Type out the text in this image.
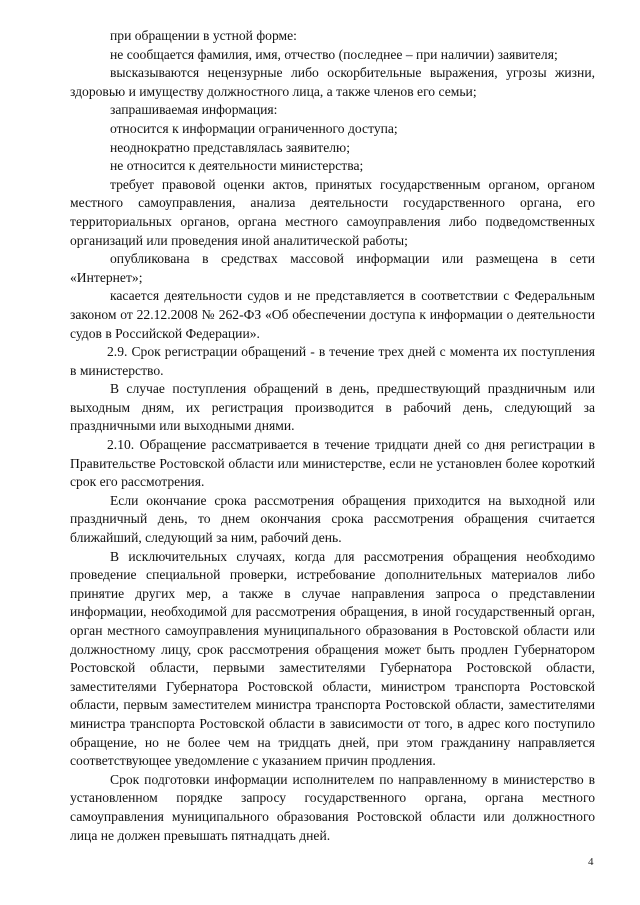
при обращении в устной форме:

не сообщается фамилия, имя, отчество (последнее – при наличии) заявителя;

высказываются нецензурные либо оскорбительные выражения, угрозы жизни, здоровью и имуществу должностного лица, а также членов его семьи;

запрашиваемая информация:

относится к информации ограниченного доступа;

неоднократно представлялась заявителю;

не относится к деятельности министерства;

требует правовой оценки актов, принятых государственным органом, органом местного самоуправления, анализа деятельности государственного органа, его территориальных органов, органа местного самоуправления либо подведомственных организаций или проведения иной аналитической работы;

опубликована в средствах массовой информации или размещена в сети «Интернет»;

касается деятельности судов и не представляется в соответствии с Федеральным законом от 22.12.2008 № 262-ФЗ «Об обеспечении доступа к информации о деятельности судов в Российской Федерации».

2.9. Срок регистрации обращений - в течение трех дней с момента их поступления в министерство.

В случае поступления обращений в день, предшествующий праздничным или выходным дням, их регистрация производится в рабочий день, следующий за праздничными или выходными днями.

2.10. Обращение рассматривается в течение тридцати дней со дня регистрации в Правительстве Ростовской области или министерстве, если не установлен более короткий срок его рассмотрения.

Если окончание срока рассмотрения обращения приходится на выходной или праздничный день, то днем окончания срока рассмотрения обращения считается ближайший, следующий за ним, рабочий день.

В исключительных случаях, когда для рассмотрения обращения необходимо проведение специальной проверки, истребование дополнительных материалов либо принятие других мер, а также в случае направления запроса о представлении информации, необходимой для рассмотрения обращения, в иной государственный орган, орган местного самоуправления муниципального образования в Ростовской области или должностному лицу, срок рассмотрения обращения может быть продлен Губернатором Ростовской области, первыми заместителями Губернатора Ростовской области, заместителями Губернатора Ростовской области, министром транспорта Ростовской области, первым заместителем министра транспорта Ростовской области, заместителями министра транспорта Ростовской области в зависимости от того, в адрес кого поступило обращение, но не более чем на тридцать дней, при этом гражданину направляется соответствующее уведомление с указанием причин продления.

Срок подготовки информации исполнителем по направленному в министерство в установленном порядке запросу государственного органа, органа местного самоуправления муниципального образования Ростовской области или должностного лица не должен превышать пятнадцать дней.

4
